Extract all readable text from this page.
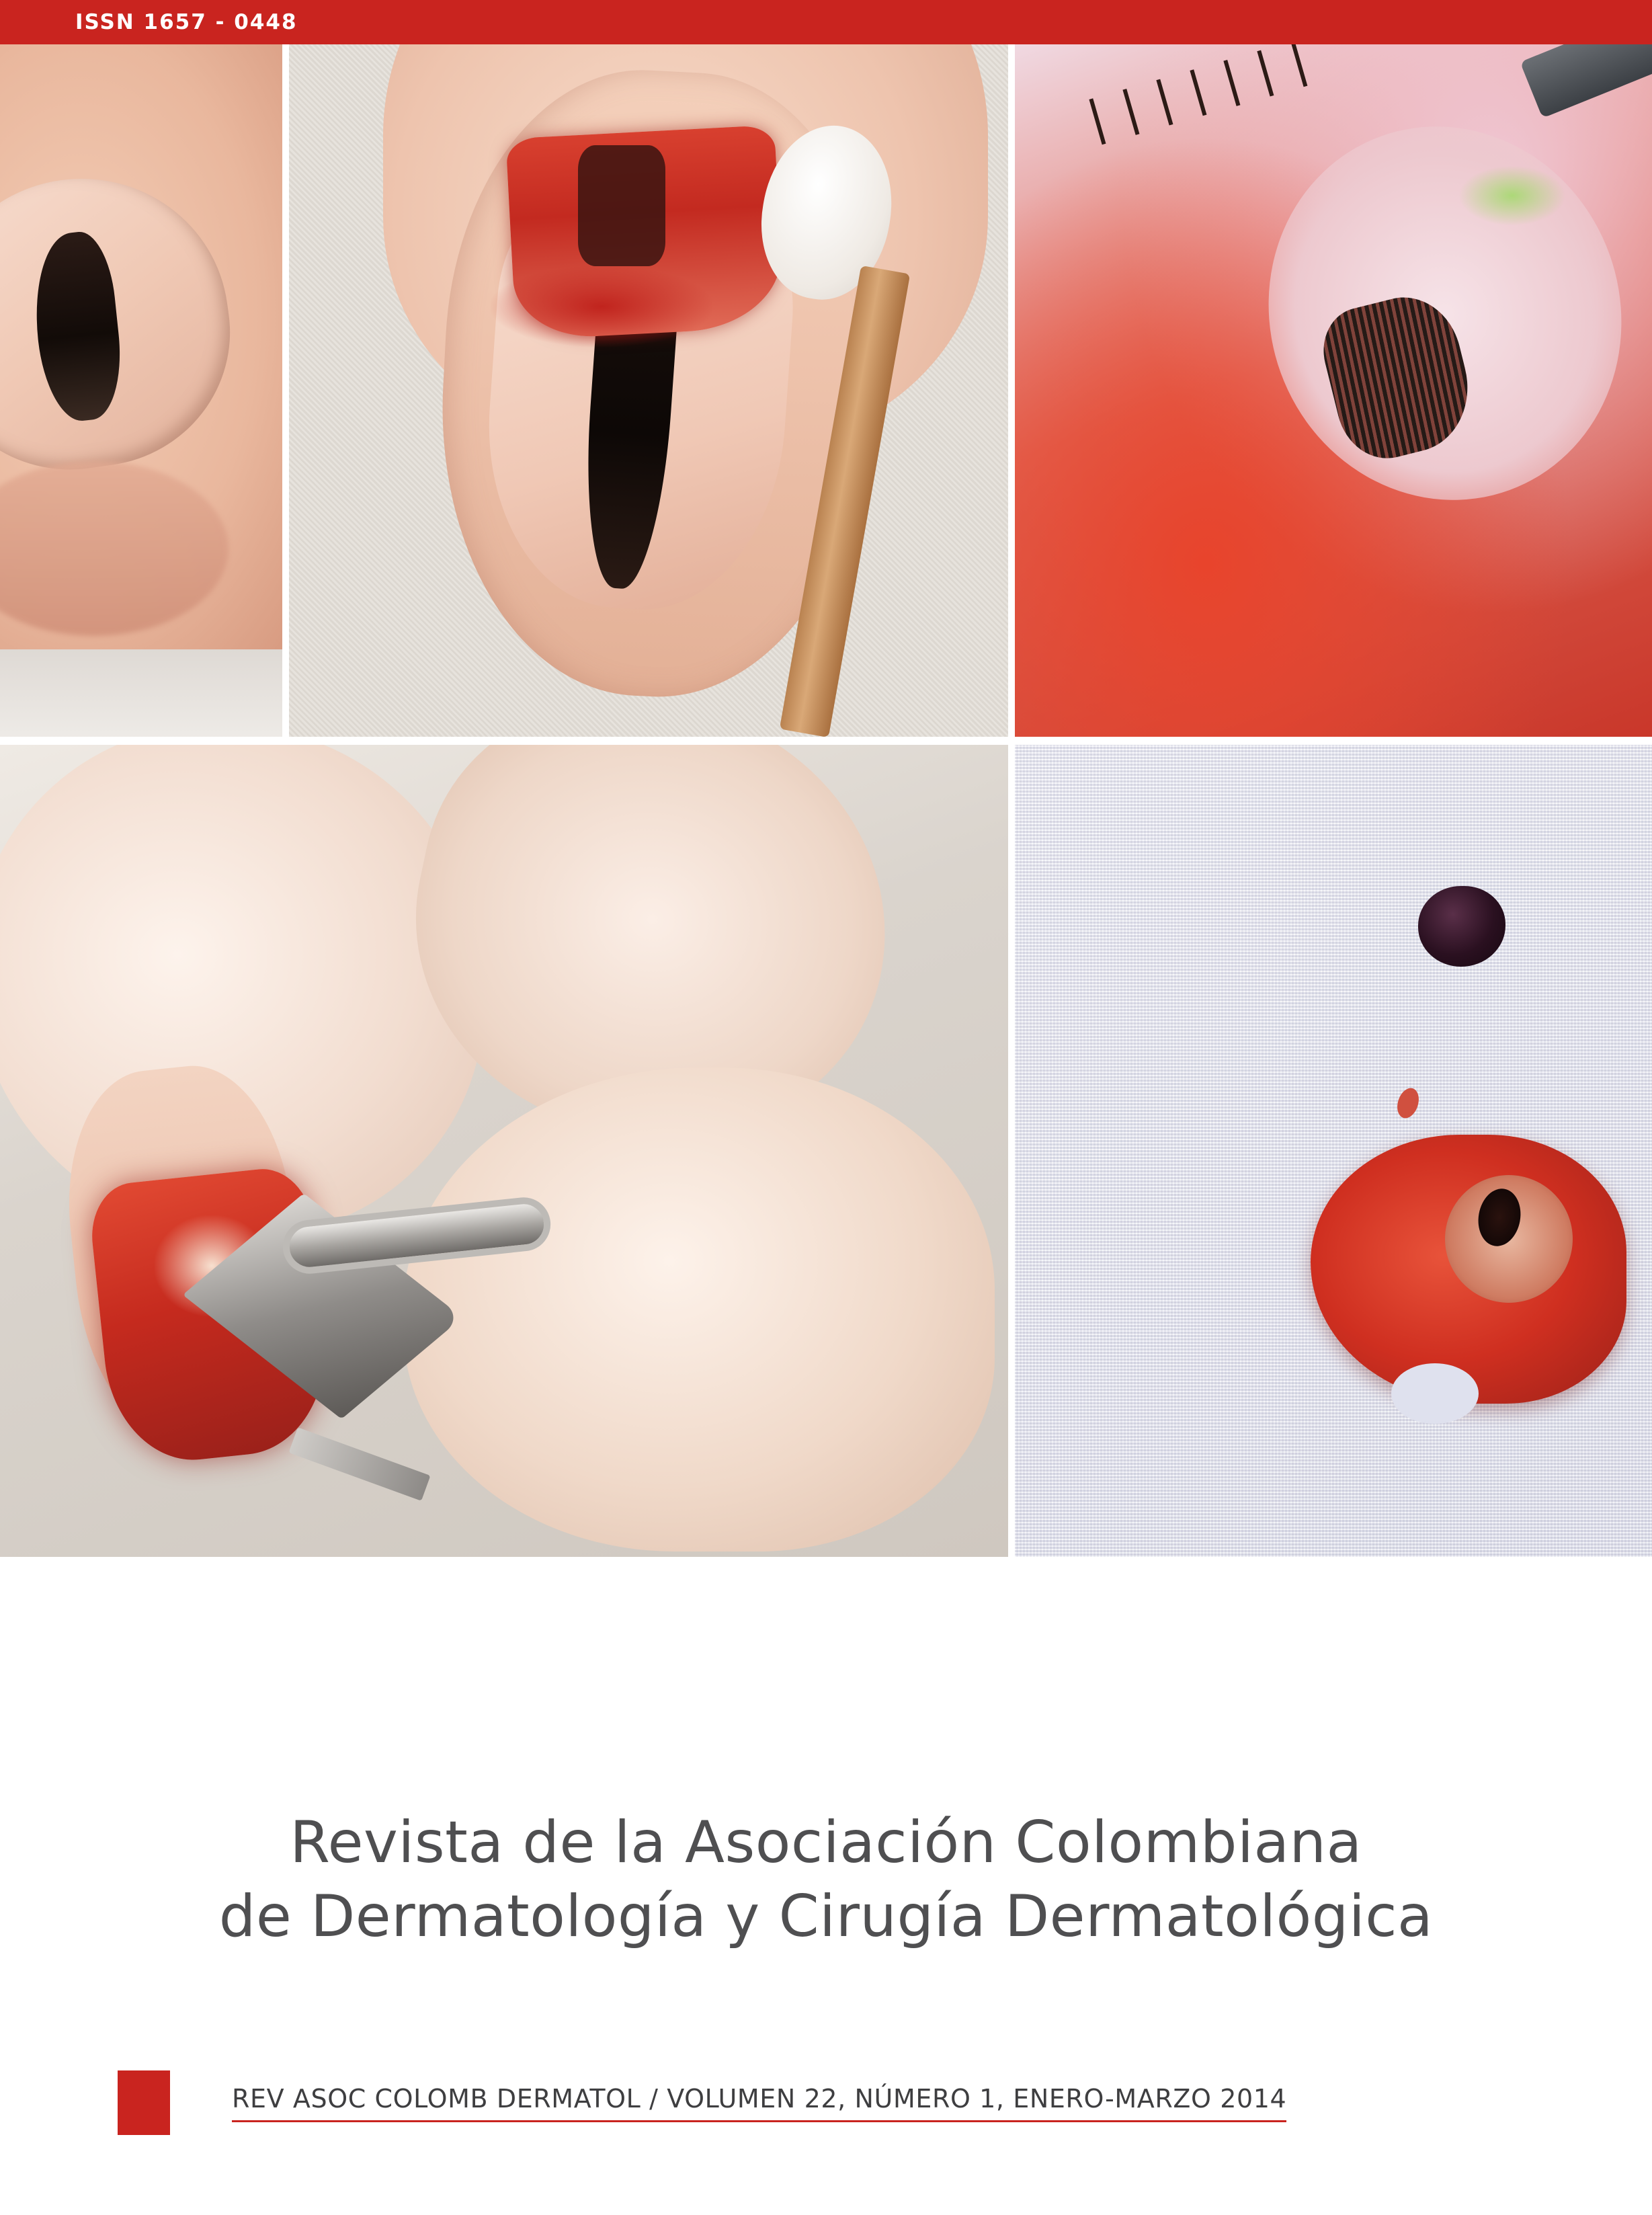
ISSN 1657 - 0448
Revista de la Asociación Colombiana
de Dermatología y Cirugía Dermatológica
REV ASOC COLOMB DERMATOL / VOLUMEN 22, NÚMERO 1, ENERO-MARZO 2014
